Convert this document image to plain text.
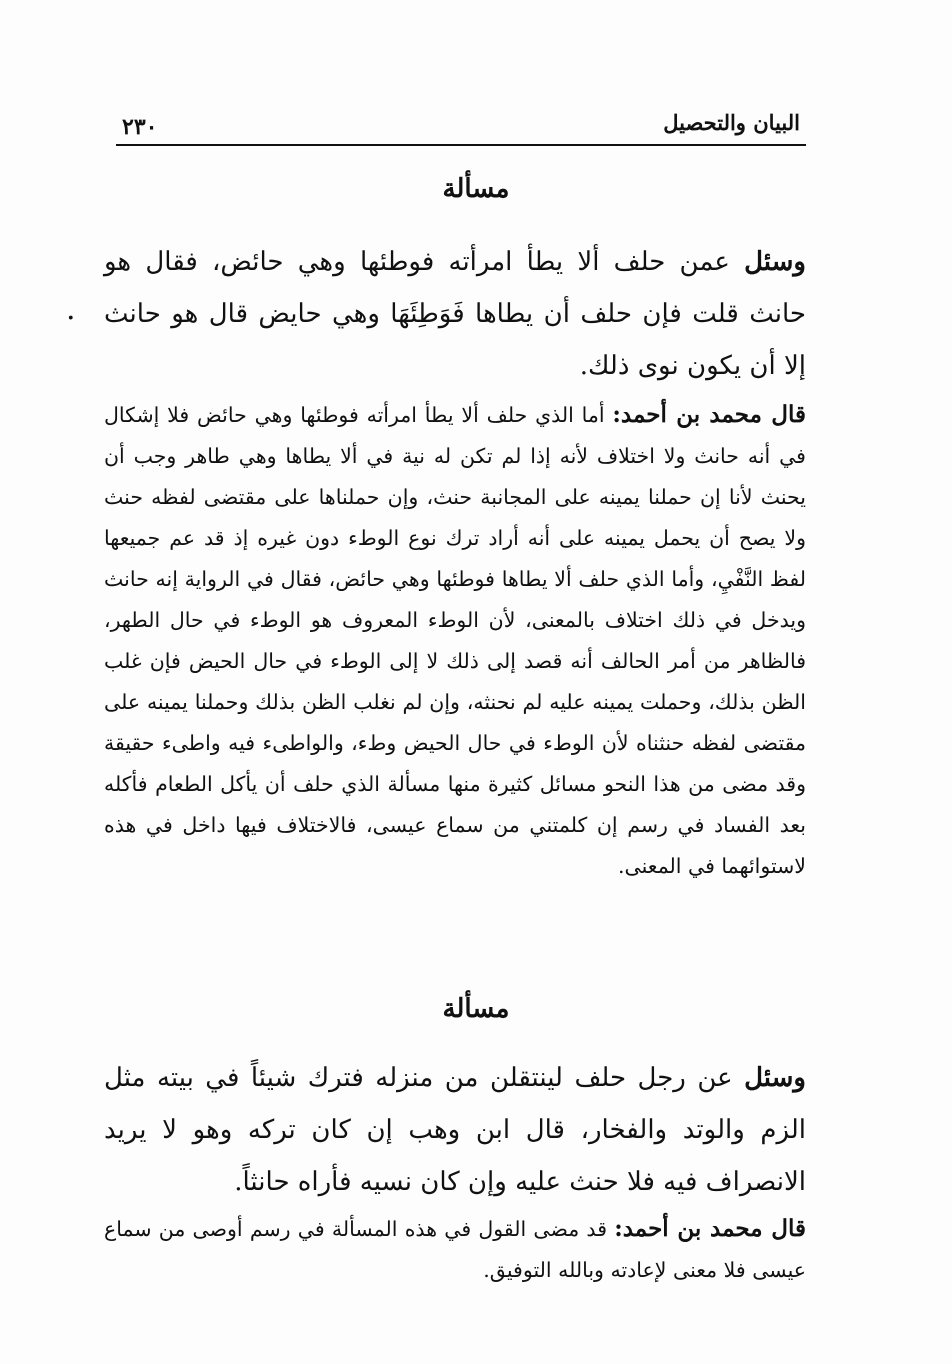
البيان والتحصيل
٢٣٠
مسألة

وسئل عمن حلف ألا يطأ امرأته فوطئها وهي حائض، فقال هو حانث قلت فإن حلف أن يطاها فَوَطِئَهَا وهي حايض قال هو حانث إلا أن يكون نوى ذلك.

.

قال محمد بن أحمد: أما الذي حلف ألا يطأ امرأته فوطئها وهي حائض فلا إشكال في أنه حانث ولا اختلاف لأنه إذا لم تكن له نية في ألا يطاها وهي طاهر وجب أن يحنث لأنا إن حملنا يمينه على المجانبة حنث، وإن حملناها على مقتضى لفظه حنث ولا يصح أن يحمل يمينه على أنه أراد ترك نوع الوطء دون غيره إذ قد عم جميعها لفظ النَّفْيِ، وأما الذي حلف ألا يطاها فوطئها وهي حائض، فقال في الرواية إنه حانث ويدخل في ذلك اختلاف بالمعنى، لأن الوطء المعروف هو الوطء في حال الطهر، فالظاهر من أمر الحالف أنه قصد إلى ذلك لا إلى الوطء في حال الحيض فإن غلب الظن بذلك، وحملت يمينه عليه لم نحنثه، وإن لم نغلب الظن بذلك وحملنا يمينه على مقتضى لفظه حنثناه لأن الوطء في حال الحيض وطء، والواطىء فيه واطىء حقيقة وقد مضى من هذا النحو مسائل كثيرة منها مسألة الذي حلف أن يأكل الطعام فأكله بعد الفساد في رسم إن كلمتني من سماع عيسى، فالاختلاف فيها داخل في هذه لاستوائهما في المعنى.

مسألة

وسئل عن رجل حلف لينتقلن من منزله فترك شيئاً في بيته مثل الزم والوتد والفخار، قال ابن وهب إن كان تركه وهو لا يريد الانصراف فيه فلا حنث عليه وإن كان نسيه فأراه حانثاً.

قال محمد بن أحمد: قد مضى القول في هذه المسألة في رسم أوصى من سماع عيسى فلا معنى لإعادته وبالله التوفيق.
